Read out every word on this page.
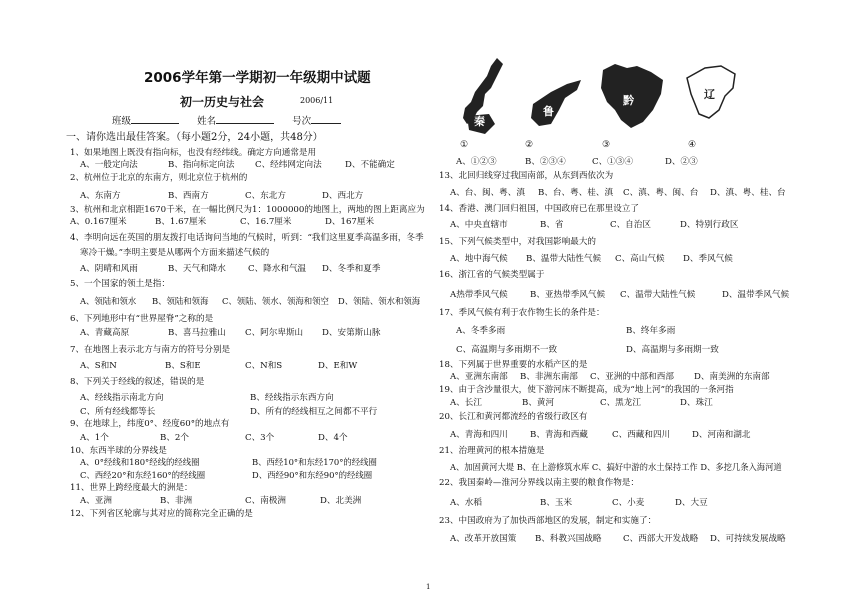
2006学年第一学期初一年级期中试题
初一历史与社会	2006/11
班级	姓名	号次
一、请你选出最佳答案。（每小题2分，24小题，共48分）
1、如果地图上既没有指向标，也没有经纬线。确定方向通常是用
A、一般定向法	B、指向标定向法 C、经纬网定向法	D、不能确定
2、杭州位于北京的东南方，则北京位于杭州的
A、东南方	B、西南方	C、东北方	D、西北方
3、杭州和北京相距1670千米，在一幅比例尺为1：1000000的地图上，两地的图上距离应为
A、0.167厘米	B、1.67厘米	C、16.7厘米	D、167厘米
4、李明向远在英国的朋友拨打电话询问当地的气候时，听到：“我们这里夏季高温多雨，冬季
寒冷干燥。”李明主要是从哪两个方面来描述气候的
A、阴晴和风雨	B、天气和降水	C、降水和气温 D、冬季和夏季
5、一个国家的领土是指：
A、领陆和领水 B、领陆和领海 C、领陆、领水、领海和领空 D、领陆、领水和领海
6、下列地形中有“世界屋脊”之称的是
A、青藏高原	B、喜马拉雅山 C、阿尔卑斯山 D、安第斯山脉
7、在地图上表示北方与南方的符号分别是
A、S和N	B、S和E	C、N和S	D、E和W
8、下列关于经线的叙述，错误的是
A、经线指示南北方向	B、经线指示东西方向
C、所有经线都等长	D、所有的经线相互之间都不平行
9、在地球上，纬度0°、经度60°的地点有
A、1个	B、2个	C、3个	D、4个
10、东西半球的分界线是
A、0°经线和180°经线的经线圈	B、西经10°和东经170°的经线圈
C、西经20°和东经160°的经线圈	D、西经90°和东经90°的经线圈
11、世界上跨经度最大的洲是：
A、亚洲	B、非洲	C、南极洲	D、北美洲
12、下列省区轮廓与其对应的简称完全正确的是
秦
鲁
黔	辽
①	②	③	④
A、①②③	B、②③④	C、①③④	D、②③
13、北回归线穿过我国南部，从东到西依次为
A、台、闽、粤、滇 B、台、粤、桂、滇 C、滇、粤、闽、台 D、滇、粤、桂、台
14、香港、澳门回归祖国，中国政府已在那里设立了
A、中央直辖市	B、省	C、自治区	D、特别行政区
15、下列气候类型中，对我国影响最大的
A、地中海气候 B、温带大陆性气候 C、高山气候 D、季风气候
16、浙江省的气候类型属于
A热带季风气候	B、亚热带季风气候 C、温带大陆性气候	D、温带季风气候
17、季风气候有利于农作物生长的条件是：
A、冬季多雨	B、终年多雨
C、高温期与多雨期不一致	D、高温期与多雨期一致
18、下列属于世界重要的水稻产区的是
A、亚洲东南部 B、非洲东南部 C、亚洲的中部和西部 D、南美洲的东南部
19、由于含沙量很大，使下游河床不断提高，成为“地上河”的我国的一条河指
A、长江	B、黄河	C、黑龙江	D、珠江
20、长江和黄河都流经的省级行政区有
A、青海和四川	B、青海和西藏	C、西藏和四川	D、河南和湖北
21、治理黄河的根本措施是
A、加固黄河大堤 B、在上游修筑水库 C、搞好中游的水土保持工作 D、多挖几条入海河道
22、我国秦岭—淮河分界线以南主要的粮食作物是：
A、水稻	B、玉米	C、小麦	D、大豆
23、中国政府为了加快西部地区的发展，制定和实施了：
A、改革开放国策 B、科教兴国战略	C、西部大开发战略 D、可持续发展战略
1
